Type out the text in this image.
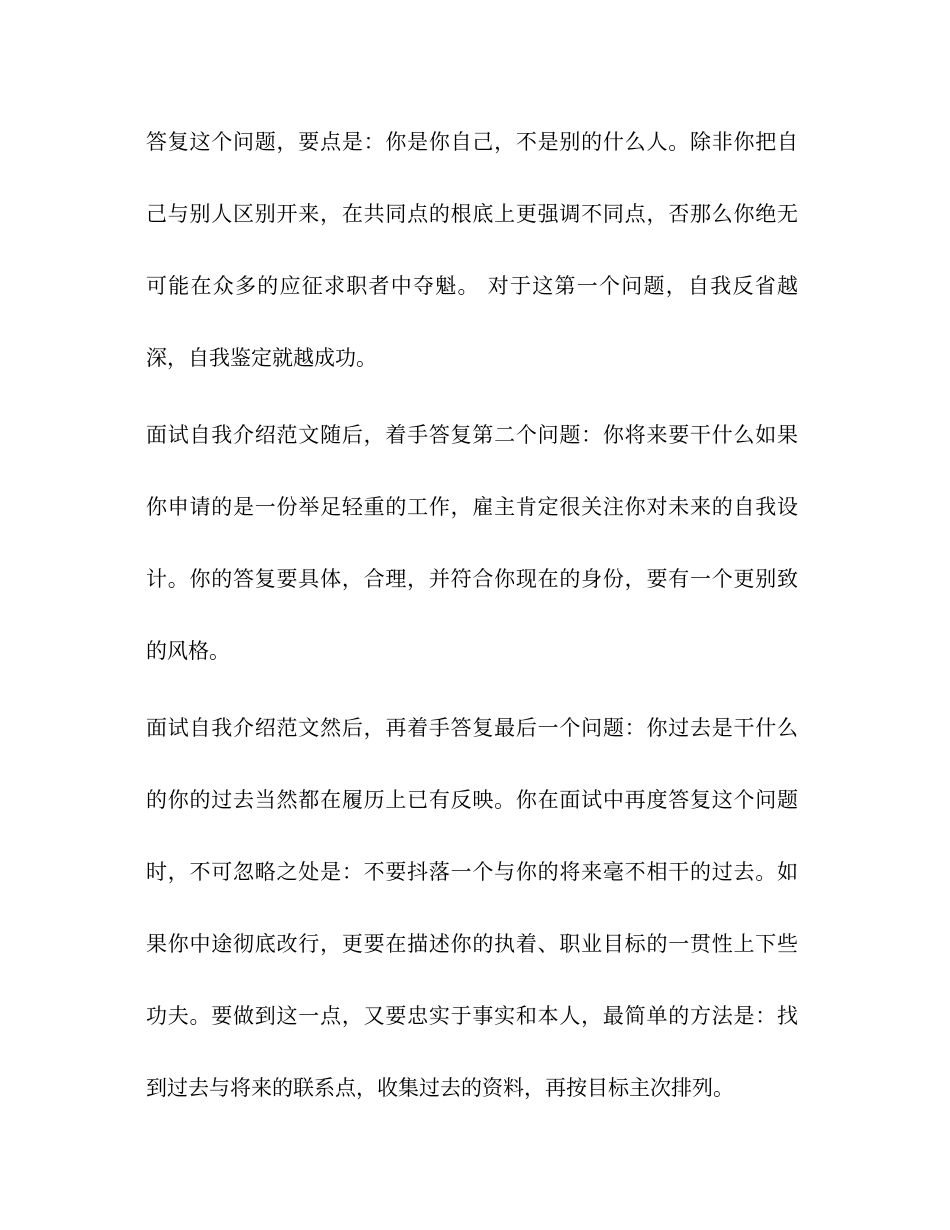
答复这个问题，要点是：你是你自己，不是别的什么人。除非你把自
己与别人区别开来，在共同点的根底上更强调不同点，否那么你绝无
可能在众多的应征求职者中夺魁。 对于这第一个问题，自我反省越
深，自我鉴定就越成功。
面试自我介绍范文随后，着手答复第二个问题：你将来要干什么如果
你申请的是一份举足轻重的工作，雇主肯定很关注你对未来的自我设
计。你的答复要具体，合理，并符合你现在的身份，要有一个更别致
的风格。
面试自我介绍范文然后，再着手答复最后一个问题：你过去是干什么
的你的过去当然都在履历上已有反映。你在面试中再度答复这个问题
时，不可忽略之处是：不要抖落一个与你的将来毫不相干的过去。如
果你中途彻底改行，更要在描述你的执着、职业目标的一贯性上下些
功夫。要做到这一点，又要忠实于事实和本人，最简单的方法是：找
到过去与将来的联系点，收集过去的资料，再按目标主次排列。
